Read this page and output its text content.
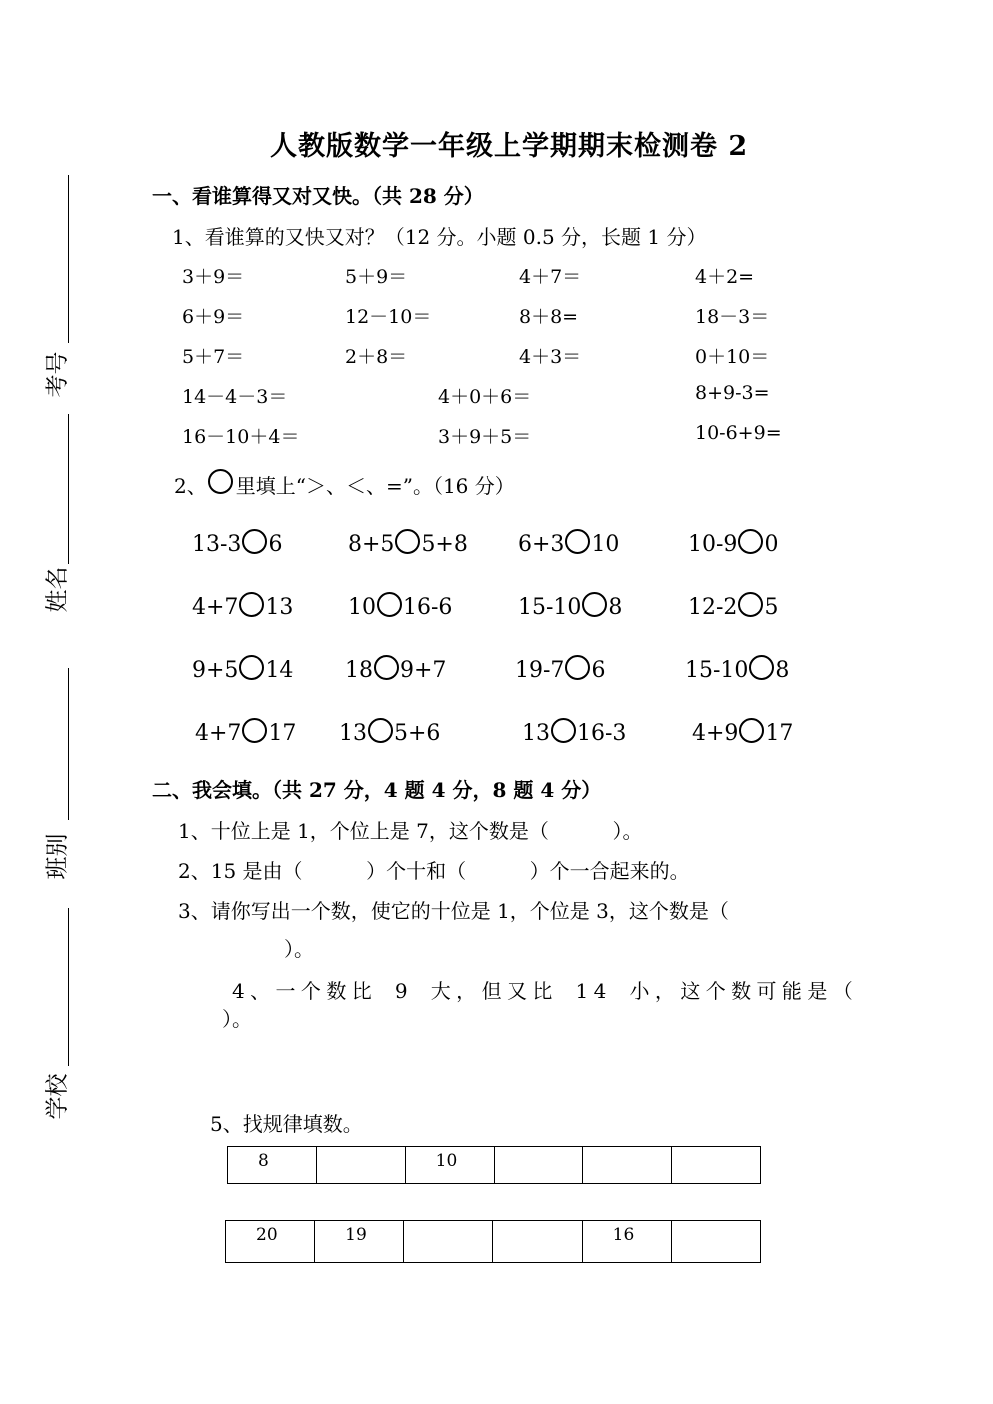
考号
姓名
班别
学校
人教版数学一年级上学期期末检测卷 2
一、看谁算得又对又快。（共 28 分）
1、看谁算的又快又对？（12 分。小题 0.5 分，长题 1 分）
3＋9＝	5＋9＝	4＋7＝	4＋2=
6＋9＝	12－10＝	8＋8=	18－3＝
5＋7＝	2＋8＝	4＋3＝	0＋10＝
14－4－3＝	4＋0＋6＝	8+9-3=
16－10＋4＝	3＋9＋5＝	10-6+9=
2、 里填上“＞、＜、=”。（16 分）
13-3 6	8+5 5+8 6+3 10	10-9 0
4+7 13 10 16-6	15-10 8	12-2 5
9+5 14 18 9+7	19-7 6	15-10 8
4+7 17 13 5+6	13 16-3	4+9 17
二、我会填。（共 27 分，4 题 4 分，8 题 4 分）
1、十位上是 1，个位上是 7，这个数是（          ）。
2、15 是由（          ）个十和（          ）个一合起来的。
3、请你写出一个数，使它的十位是 1，个位是 3，这个数是（
）。
4、一个数比 9 大，但又比 14 小，这个数可能是（
）。
5、找规律填数。
8		10			
20	19			16	
